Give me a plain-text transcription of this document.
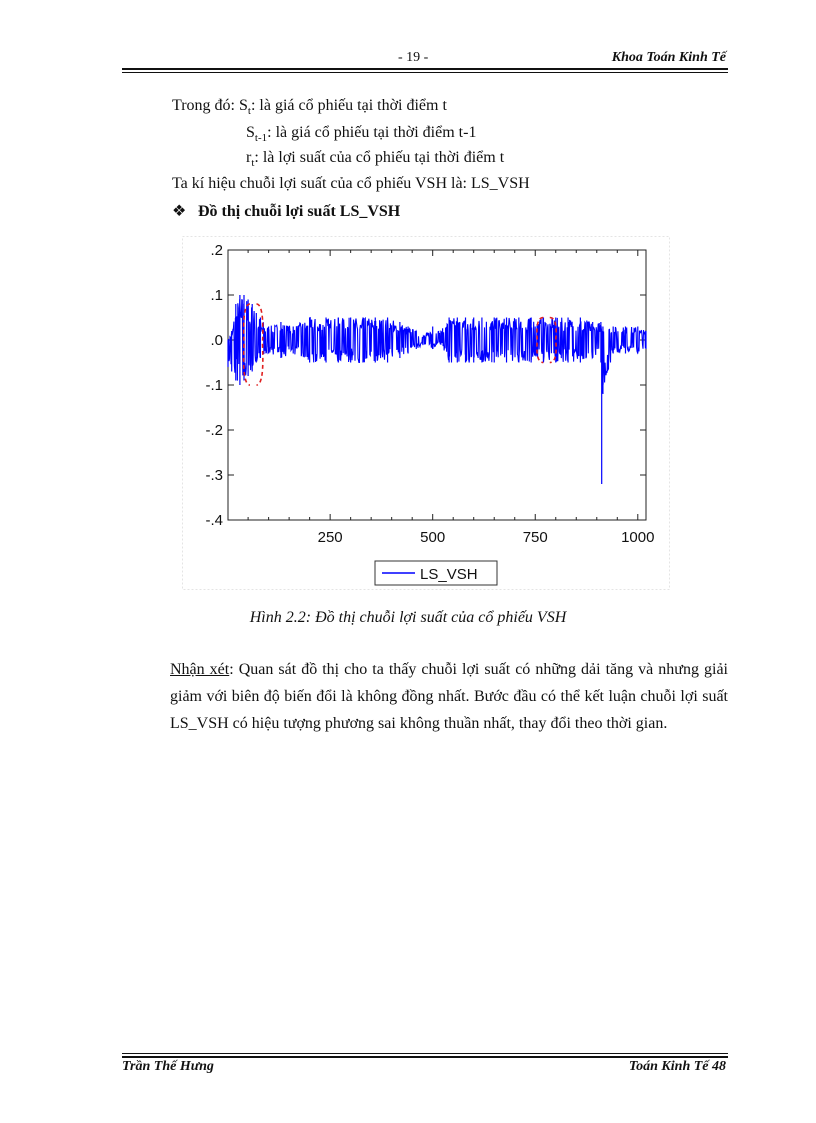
- 19 -	Khoa Toán Kinh Tế
Trong đó: $S_t$: là giá cổ phiếu tại thời điểm t
$S_{t-1}$: là giá cổ phiếu tại thời điểm t-1
$r_t$: là lợi suất của cổ phiếu tại thời điểm t
Ta kí hiệu chuỗi lợi suất của cổ phiếu VSH là: LS_VSH
❖ Đồ thị chuỗi lợi suất LS_VSH
.2
.1
.0
-.1
-.2
-.3
-.4
250	500	750	1000
LS_VSH
Hình 2.2: Đồ thị chuỗi lợi suất của cổ phiếu VSH
Nhận xét: Quan sát đồ thị cho ta thấy chuỗi lợi suất có những dải tăng và nhưng giải giảm với biên độ biến đổi là không đồng nhất. Bước đầu có thể kết luận chuỗi lợi suất LS_VSH có hiệu tượng phương sai không thuần nhất, thay đổi theo thời gian.
Trần Thế Hưng	Toán Kinh Tế 48
